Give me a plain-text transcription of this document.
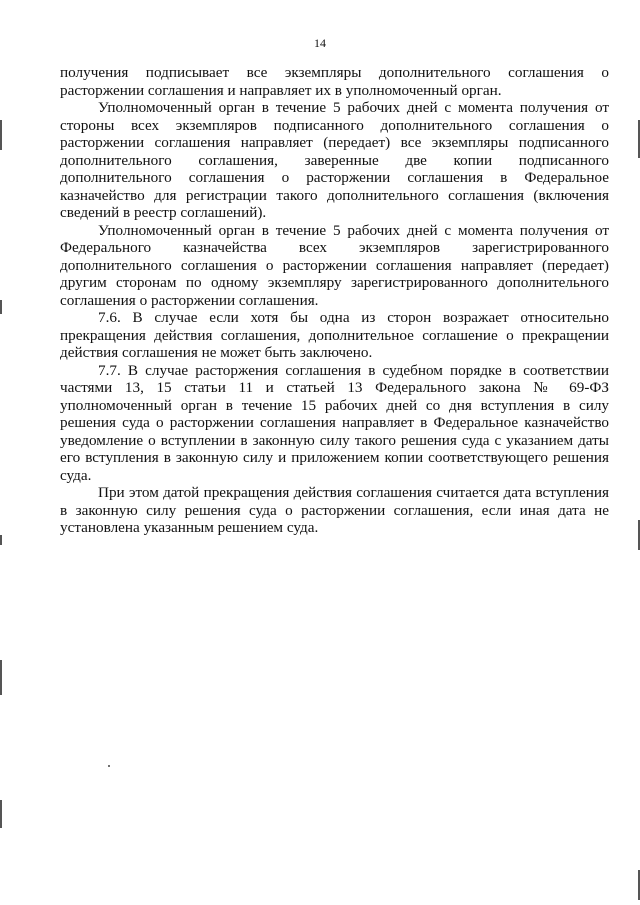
14

получения подписывает все экземпляры дополнительного соглашения о расторжении соглашения и направляет их в уполномоченный орган.

Уполномоченный орган в течение 5 рабочих дней с момента получения от стороны всех экземпляров подписанного дополнительного соглашения о расторжении соглашения направляет (передает) все экземпляры подписанного дополнительного соглашения, заверенные две копии подписанного дополнительного соглашения о расторжении соглашения в Федеральное казначейство для регистрации такого дополнительного соглашения (включения сведений в реестр соглашений).

Уполномоченный орган в течение 5 рабочих дней с момента получения от Федерального казначейства всех экземпляров зарегистрированного дополнительного соглашения о расторжении соглашения направляет (передает) другим сторонам по одному экземпляру зарегистрированного дополнительного соглашения о расторжении соглашения.

7.6. В случае если хотя бы одна из сторон возражает относительно прекращения действия соглашения, дополнительное соглашение о прекращении действия соглашения не может быть заключено.

7.7. В случае расторжения соглашения в судебном порядке в соответствии частями 13, 15 статьи 11 и статьей 13 Федерального закона № 69-ФЗ уполномоченный орган в течение 15 рабочих дней со дня вступления в силу решения суда о расторжении соглашения направляет в Федеральное казначейство уведомление о вступлении в законную силу такого решения суда с указанием даты его вступления в законную силу и приложением копии соответствующего решения суда.

При этом датой прекращения действия соглашения считается дата вступления в законную силу решения суда о расторжении соглашения, если иная дата не установлена указанным решением суда.
